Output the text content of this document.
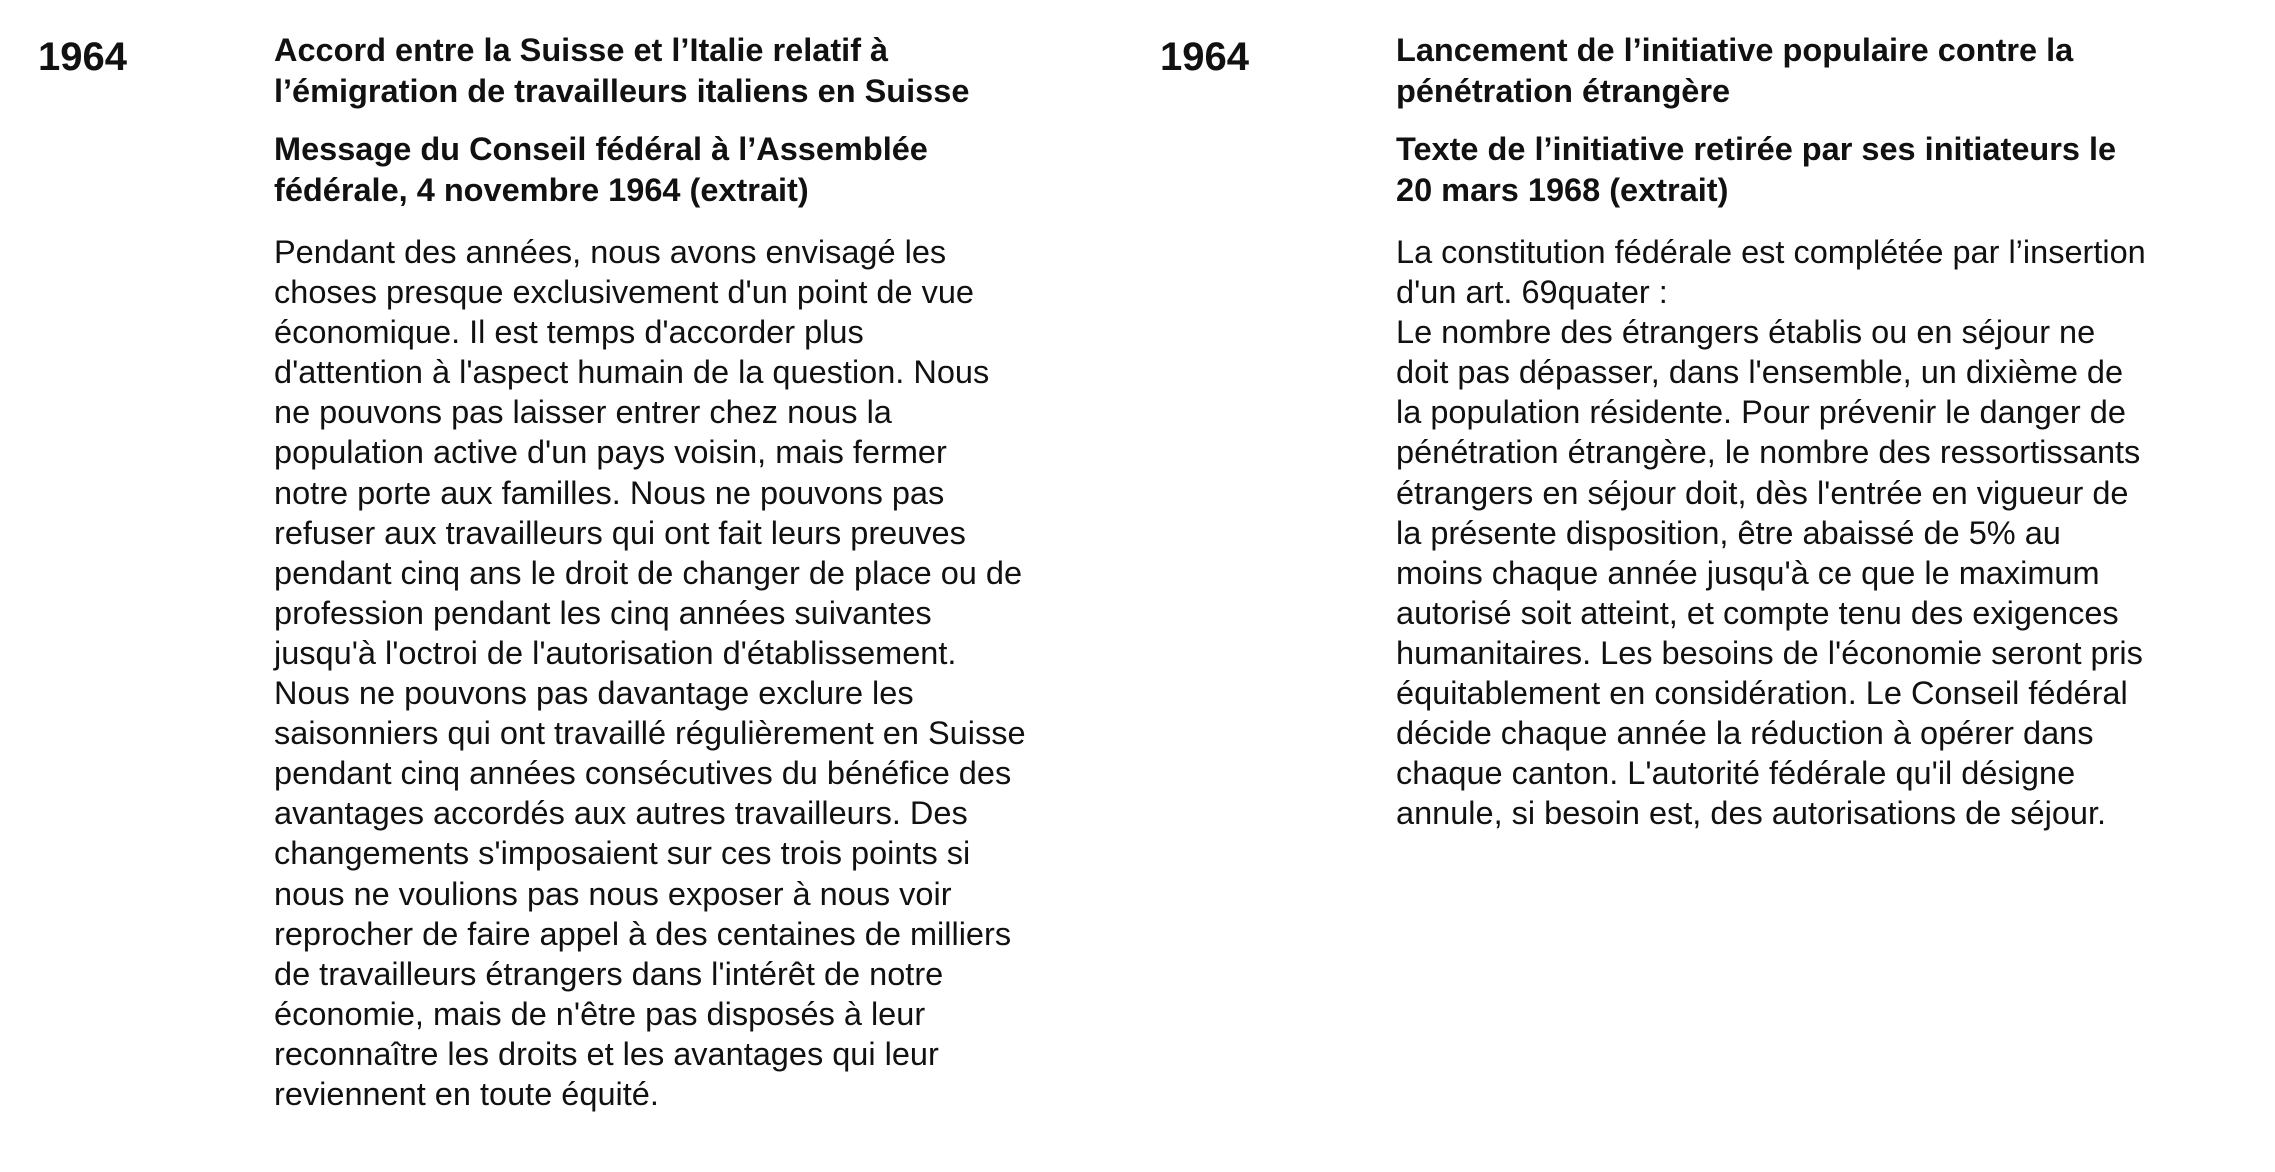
1964	Accord entre la Suisse et l’Italie relatif à
l’émigration de travailleurs italiens en Suisse
Message du Conseil fédéral à l’Assemblée
fédérale, 4 novembre 1964 (extrait)

Pendant des années, nous avons envisagé les
choses presque exclusivement d'un point de vue
économique. Il est temps d'accorder plus
d'attention à l'aspect humain de la question. Nous
ne pouvons pas laisser entrer chez nous la
population active d'un pays voisin, mais fermer
notre porte aux familles. Nous ne pouvons pas
refuser aux travailleurs qui ont fait leurs preuves
pendant cinq ans le droit de changer de place ou de
profession pendant les cinq années suivantes
jusqu'à l'octroi de l'autorisation d'établissement.
Nous ne pouvons pas davantage exclure les
saisonniers qui ont travaillé régulièrement en Suisse
pendant cinq années consécutives du bénéfice des
avantages accordés aux autres travailleurs. Des
changements s'imposaient sur ces trois points si
nous ne voulions pas nous exposer à nous voir
reprocher de faire appel à des centaines de milliers
de travailleurs étrangers dans l'intérêt de notre
économie, mais de n'être pas disposés à leur
reconnaître les droits et les avantages qui leur
reviennent en toute équité.

1964	Lancement de l’initiative populaire contre la
pénétration étrangère
Texte de l’initiative retirée par ses initiateurs le
20 mars 1968 (extrait)

La constitution fédérale est complétée par l’insertion
d'un art. 69quater :
Le nombre des étrangers établis ou en séjour ne
doit pas dépasser, dans l'ensemble, un dixième de
la population résidente. Pour prévenir le danger de
pénétration étrangère, le nombre des ressortissants
étrangers en séjour doit, dès l'entrée en vigueur de
la présente disposition, être abaissé de 5% au
moins chaque année jusqu'à ce que le maximum
autorisé soit atteint, et compte tenu des exigences
humanitaires. Les besoins de l'économie seront pris
équitablement en considération. Le Conseil fédéral
décide chaque année la réduction à opérer dans
chaque canton. L'autorité fédérale qu'il désigne
annule, si besoin est, des autorisations de séjour.
